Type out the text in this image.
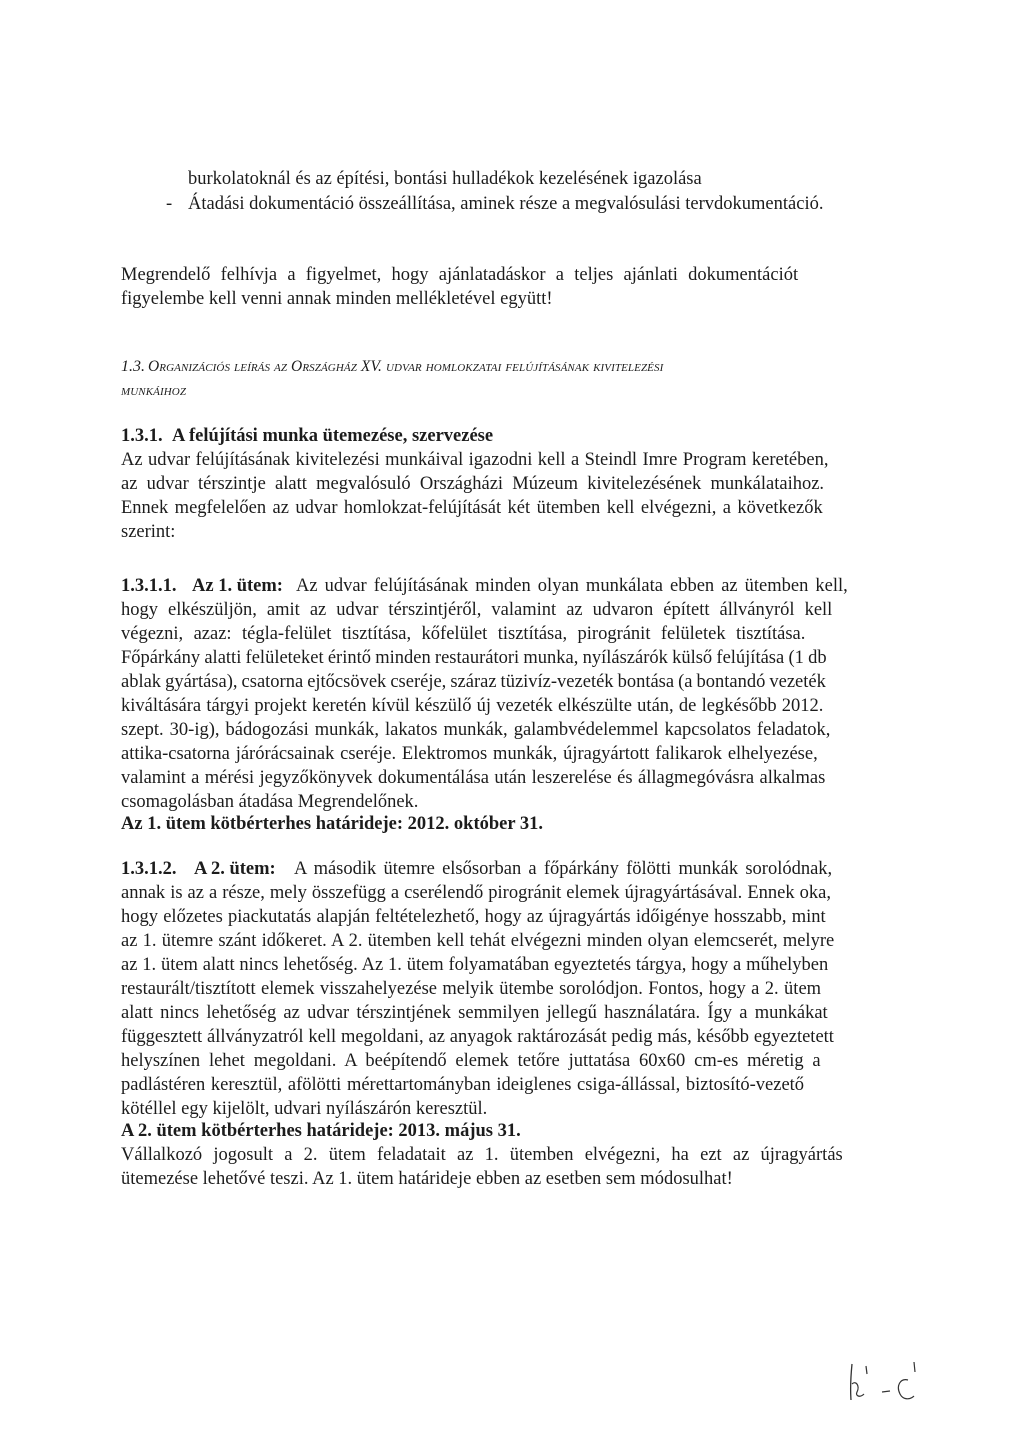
burkolatoknál és az építési, bontási hulladékok kezelésének igazolása
- Átadási dokumentáció összeállítása, aminek része a megvalósulási tervdokumentáció.
Megrendelő felhívja a figyelmet, hogy ajánlatadáskor a teljes ajánlati dokumentációt
figyelembe kell venni annak minden mellékletével együtt!
1.3. Organizációs leírás az Országház XV. udvar homlokzatai felújításának kivitelezési
munkáihoz
1.3.1. A felújítási munka ütemezése, szervezése
Az udvar felújításának kivitelezési munkáival igazodni kell a Steindl Imre Program keretében,
az udvar térszintje alatt megvalósuló Országházi Múzeum kivitelezésének munkálataihoz.
Ennek megfelelően az udvar homlokzat-felújítását két ütemben kell elvégezni, a következők
szerint:
1.3.1.1. Az 1. ütem: Az udvar felújításának minden olyan munkálata ebben az ütemben kell,
hogy elkészüljön, amit az udvar térszintjéről, valamint az udvaron épített állványról kell
végezni, azaz: tégla-felület tisztítása, kőfelület tisztítása, pirogránit felületek tisztítása.
Főpárkány alatti felületeket érintő minden restaurátori munka, nyílászárók külső felújítása (1 db
ablak gyártása), csatorna ejtőcsövek cseréje, száraz tüzivíz-vezeték bontása (a bontandó vezeték
kiváltására tárgyi projekt keretén kívül készülő új vezeték elkészülte után, de legkésőbb 2012.
szept. 30-ig), bádogozási munkák, lakatos munkák, galambvédelemmel kapcsolatos feladatok,
attika-csatorna járórácsainak cseréje. Elektromos munkák, újragyártott falikarok elhelyezése,
valamint a mérési jegyzőkönyvek dokumentálása után leszerelése és állagmegóvásra alkalmas
csomagolásban átadása Megrendelőnek.
Az 1. ütem kötbérterhes határideje: 2012. október 31.
1.3.1.2. A 2. ütem: A második ütemre elsősorban a főpárkány fölötti munkák sorolódnak,
annak is az a része, mely összefügg a cserélendő pirogránit elemek újragyártásával. Ennek oka,
hogy előzetes piackutatás alapján feltételezhető, hogy az újragyártás időigénye hosszabb, mint
az 1. ütemre szánt időkeret. A 2. ütemben kell tehát elvégezni minden olyan elemcserét, melyre
az 1. ütem alatt nincs lehetőség. Az 1. ütem folyamatában egyeztetés tárgya, hogy a műhelyben
restaurált/tisztított elemek visszahelyezése melyik ütembe sorolódjon. Fontos, hogy a 2. ütem
alatt nincs lehetőség az udvar térszintjének semmilyen jellegű használatára. Így a munkákat
függesztett állványzatról kell megoldani, az anyagok raktározását pedig más, később egyeztetett
helyszínen lehet megoldani. A beépítendő elemek tetőre juttatása 60x60 cm-es méretig a
padlástéren keresztül, afölötti mérettartományban ideiglenes csiga-állással, biztosító-vezető
kötéllel egy kijelölt, udvari nyílászárón keresztül.
A 2. ütem kötbérterhes határideje: 2013. május 31.
Vállalkozó jogosult a 2. ütem feladatait az 1. ütemben elvégezni, ha ezt az újragyártás
ütemezése lehetővé teszi. Az 1. ütem határideje ebben az esetben sem módosulhat!
